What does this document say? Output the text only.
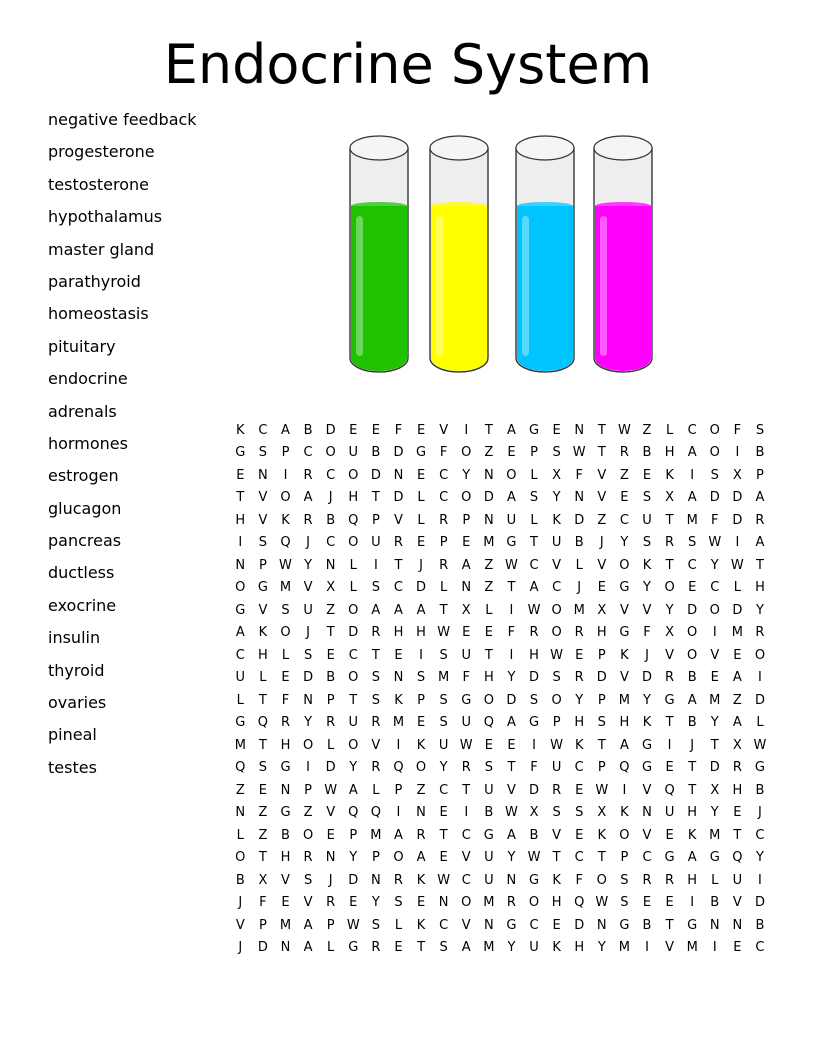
Endocrine System
negative feedback
progesterone
testosterone
hypothalamus
master gland
parathyroid
homeostasis
pituitary
endocrine
adrenals
hormones
estrogen
glucagon
pancreas
ductless
exocrine
insulin
thyroid
ovaries
pineal
testes
K	C	A	B	D	E	E	F	E	V	I	T	A	G	E	N	T	W	Z	L	C	O	F	S
G	S	P	C	O	U	B	D	G	F	O	Z	E	P	S	W	T	R	B	H	A	O	I	B
E	N	I	R	C	O	D	N	E	C	Y	N	O	L	X	F	V	Z	E	K	I	S	X	P
T	V	O	A	J	H	T	D	L	C	O	D	A	S	Y	N	V	E	S	X	A	D	D	A
H	V	K	R	B	Q	P	V	L	R	P	N	U	L	K	D	Z	C	U	T	M	F	D	R
I	S	Q	J	C	O	U	R	E	P	E	M	G	T	U	B	J	Y	S	R	S	W	I	A
N	P	W	Y	N	L	I	T	J	R	A	Z	W	C	V	L	V	O	K	T	C	Y	W	T
O	G	M	V	X	L	S	C	D	L	N	Z	T	A	C	J	E	G	Y	O	E	C	L	H
G	V	S	U	Z	O	A	A	A	T	X	L	I	W	O	M	X	V	V	Y	D	O	D	Y
A	K	O	J	T	D	R	H	H	W	E	E	F	R	O	R	H	G	F	X	O	I	M	R
C	H	L	S	E	C	T	E	I	S	U	T	I	H	W	E	P	K	J	V	O	V	E	O
U	L	E	D	B	O	S	N	S	M	F	H	Y	D	S	R	D	V	D	R	B	E	A	I
L	T	F	N	P	T	S	K	P	S	G	O	D	S	O	Y	P	M	Y	G	A	M	Z	D
G	Q	R	Y	R	U	R	M	E	S	U	Q	A	G	P	H	S	H	K	T	B	Y	A	L
M	T	H	O	L	O	V	I	K	U	W	E	E	I	W	K	T	A	G	I	J	T	X	W
Q	S	G	I	D	Y	R	Q	O	Y	R	S	T	F	U	C	P	Q	G	E	T	D	R	G
Z	E	N	P	W	A	L	P	Z	C	T	U	V	D	R	E	W	I	V	Q	T	X	H	B
N	Z	G	Z	V	Q	Q	I	N	E	I	B	W	X	S	S	X	K	N	U	H	Y	E	J
L	Z	B	O	E	P	M	A	R	T	C	G	A	B	V	E	K	O	V	E	K	M	T	C
O	T	H	R	N	Y	P	O	A	E	V	U	Y	W	T	C	T	P	C	G	A	G	Q	Y
B	X	V	S	J	D	N	R	K	W	C	U	N	G	K	F	O	S	R	R	H	L	U	I
J	F	E	V	R	E	Y	S	E	N	O	M	R	O	H	Q	W	S	E	E	I	B	V	D
V	P	M	A	P	W	S	L	K	C	V	N	G	C	E	D	N	G	B	T	G	N	N	B
J	D	N	A	L	G	R	E	T	S	A	M	Y	U	K	H	Y	M	I	V	M	I	E	C
